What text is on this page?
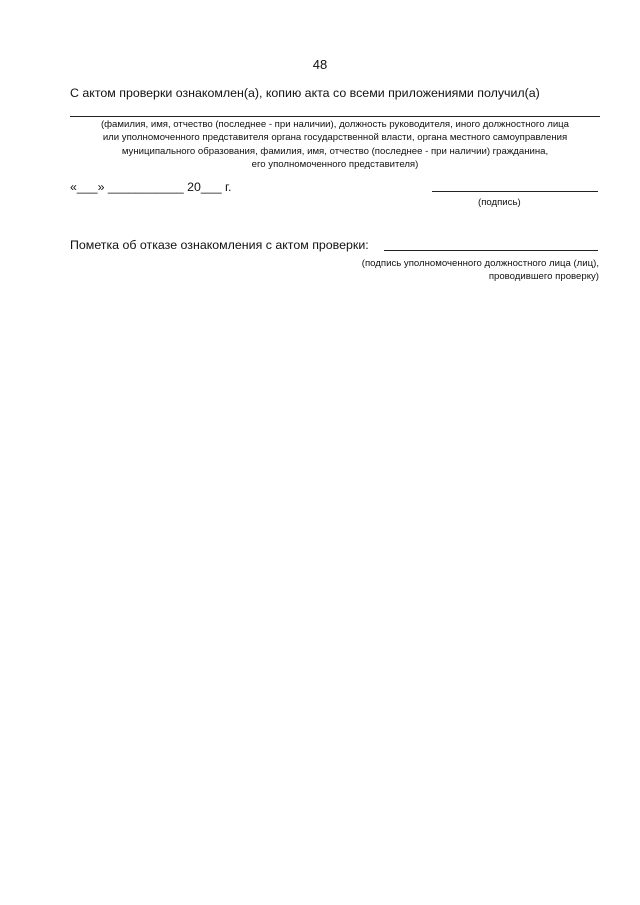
48
С актом проверки ознакомлен(а), копию акта со всеми приложениями получил(а)
(фамилия, имя, отчество (последнее - при наличии), должность руководителя, иного должностного лица
или уполномоченного представителя органа государственной власти, органа местного самоуправления
муниципального образования, фамилия, имя, отчество (последнее - при наличии) гражданина,
его уполномоченного представителя)
«___» ___________ 20___ г.
(подпись)
Пометка об отказе ознакомления с актом проверки:
(подпись уполномоченного должностного лица (лиц),
проводившего проверку)
